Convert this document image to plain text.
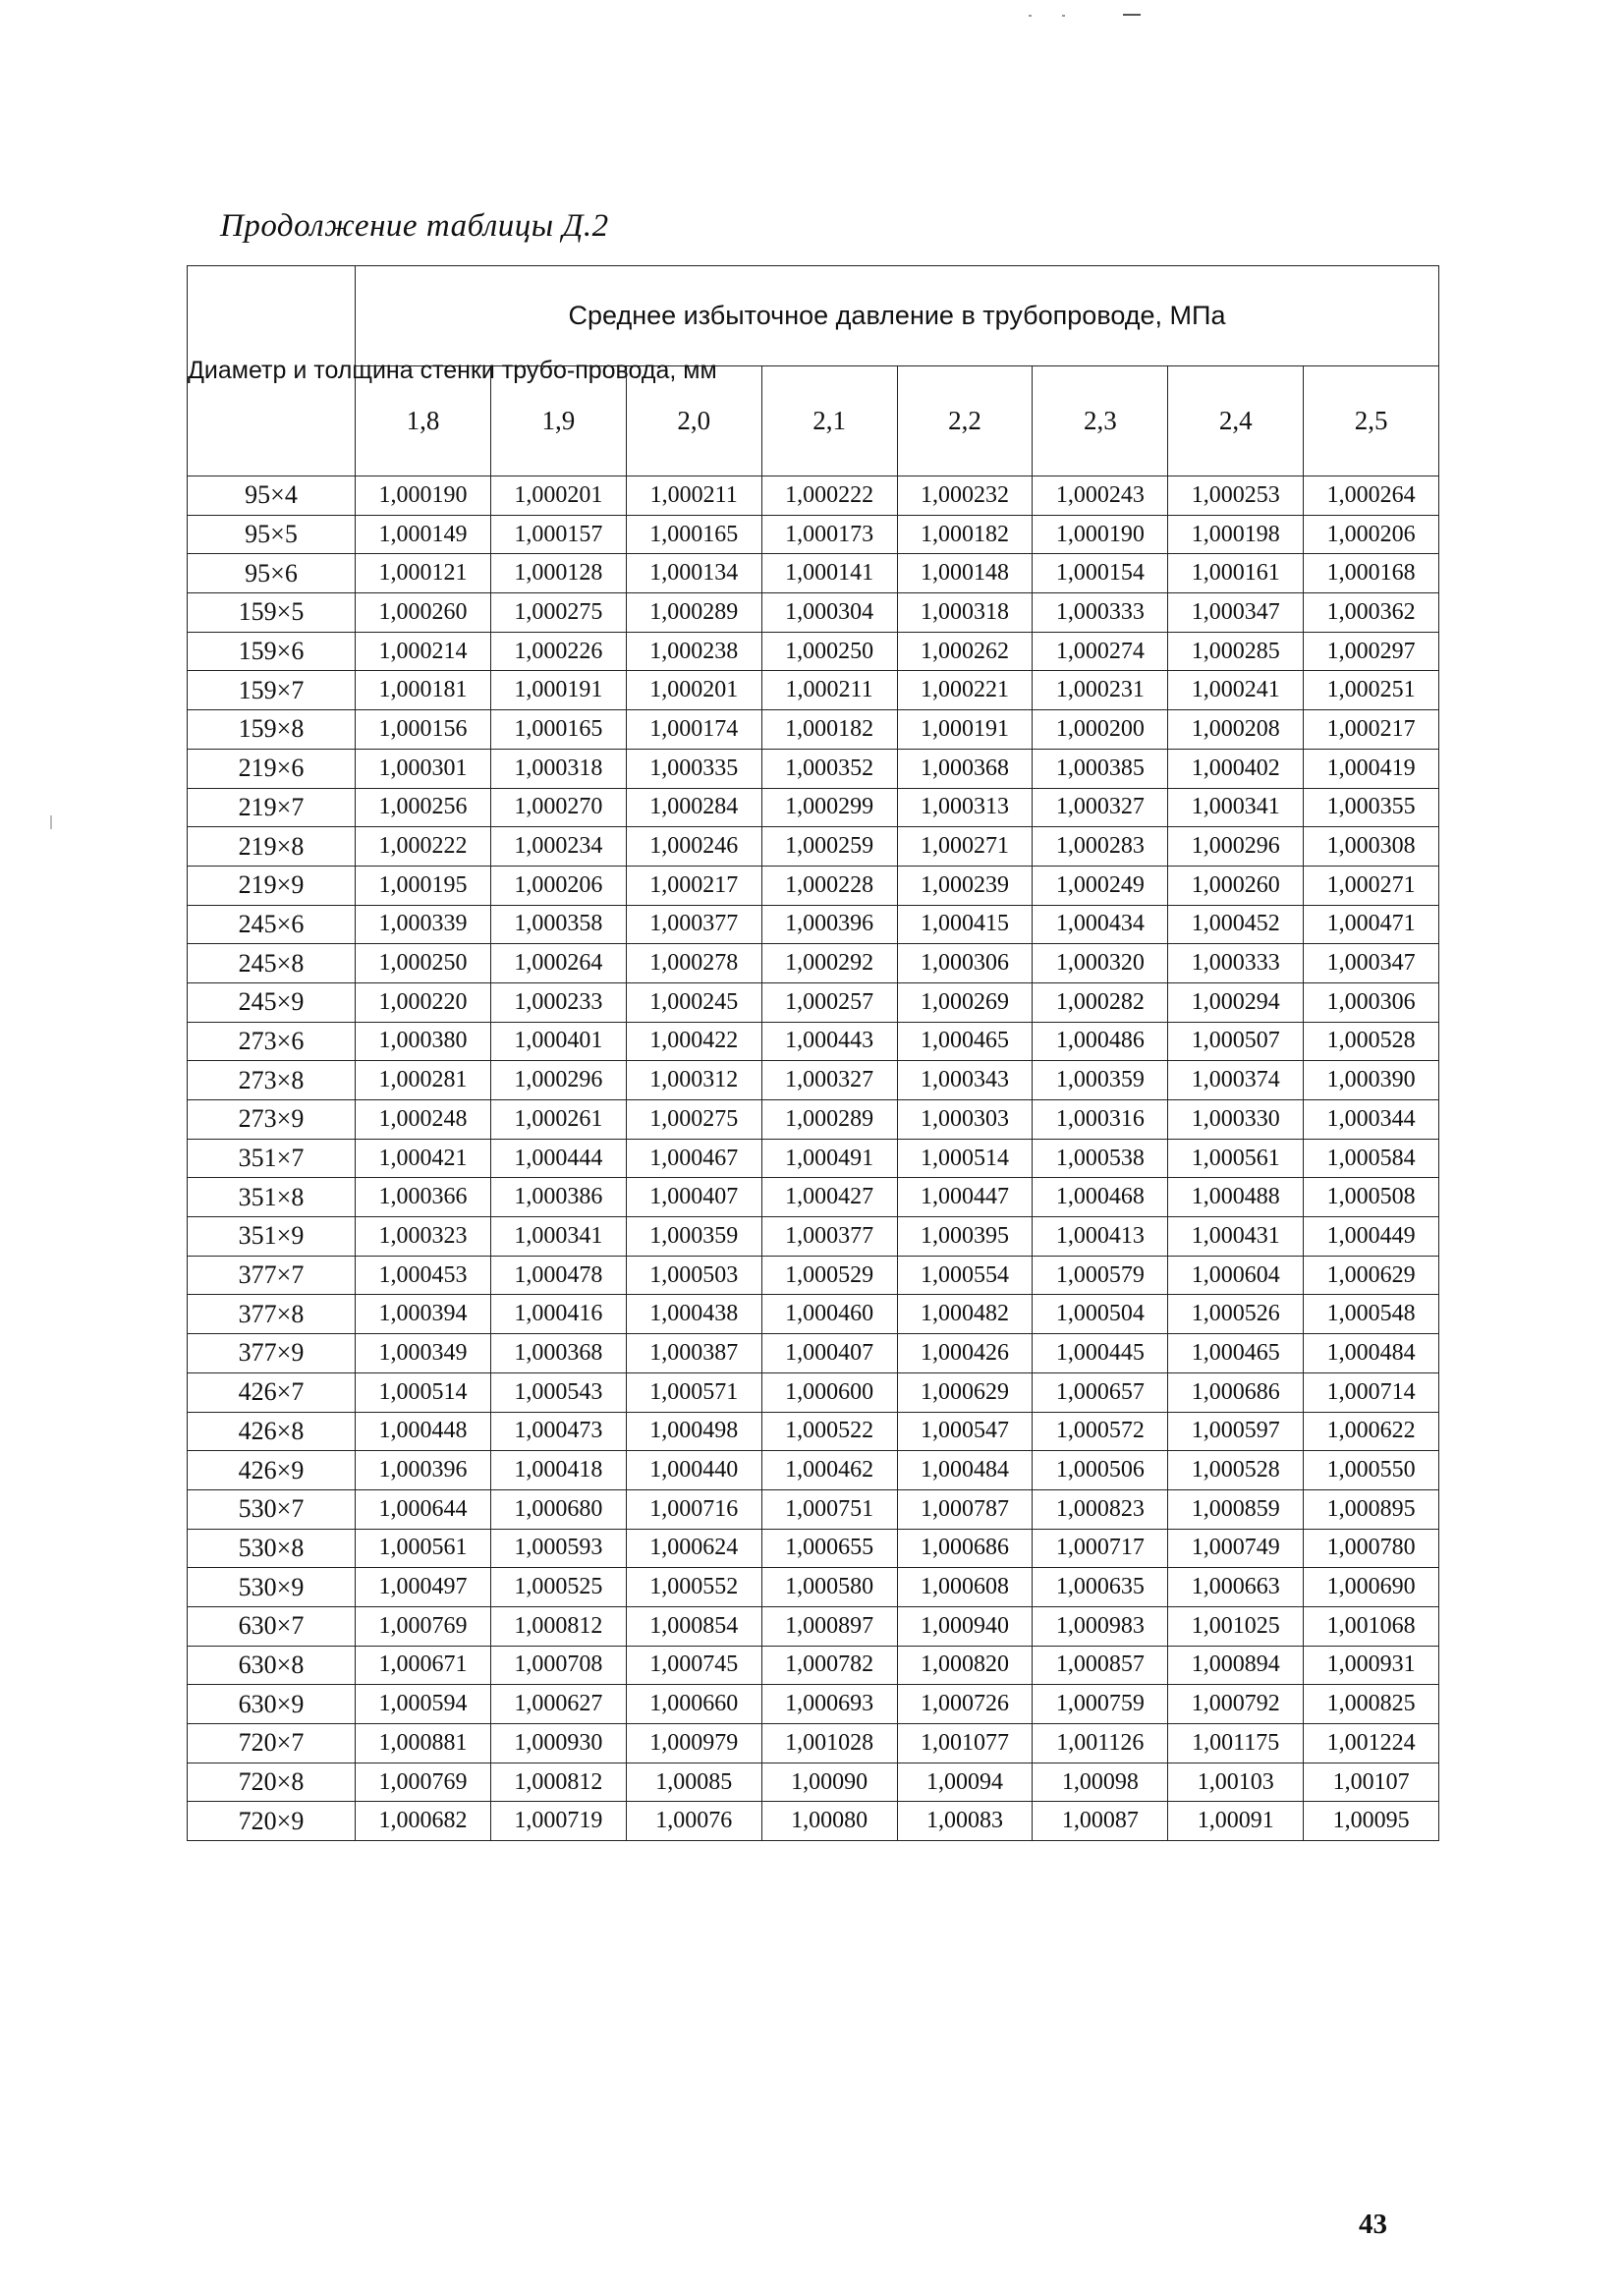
Продолжение таблицы Д.2
Диаметр и толщина стенки трубо-провода, мм	Среднее избыточное давление в трубопроводе, МПа							
	1,8	1,9	2,0	2,1	2,2	2,3	2,4	2,5
95×4	1,000190	1,000201	1,000211	1,000222	1,000232	1,000243	1,000253	1,000264
95×5	1,000149	1,000157	1,000165	1,000173	1,000182	1,000190	1,000198	1,000206
95×6	1,000121	1,000128	1,000134	1,000141	1,000148	1,000154	1,000161	1,000168
159×5	1,000260	1,000275	1,000289	1,000304	1,000318	1,000333	1,000347	1,000362
159×6	1,000214	1,000226	1,000238	1,000250	1,000262	1,000274	1,000285	1,000297
159×7	1,000181	1,000191	1,000201	1,000211	1,000221	1,000231	1,000241	1,000251
159×8	1,000156	1,000165	1,000174	1,000182	1,000191	1,000200	1,000208	1,000217
219×6	1,000301	1,000318	1,000335	1,000352	1,000368	1,000385	1,000402	1,000419
219×7	1,000256	1,000270	1,000284	1,000299	1,000313	1,000327	1,000341	1,000355
219×8	1,000222	1,000234	1,000246	1,000259	1,000271	1,000283	1,000296	1,000308
219×9	1,000195	1,000206	1,000217	1,000228	1,000239	1,000249	1,000260	1,000271
245×6	1,000339	1,000358	1,000377	1,000396	1,000415	1,000434	1,000452	1,000471
245×8	1,000250	1,000264	1,000278	1,000292	1,000306	1,000320	1,000333	1,000347
245×9	1,000220	1,000233	1,000245	1,000257	1,000269	1,000282	1,000294	1,000306
273×6	1,000380	1,000401	1,000422	1,000443	1,000465	1,000486	1,000507	1,000528
273×8	1,000281	1,000296	1,000312	1,000327	1,000343	1,000359	1,000374	1,000390
273×9	1,000248	1,000261	1,000275	1,000289	1,000303	1,000316	1,000330	1,000344
351×7	1,000421	1,000444	1,000467	1,000491	1,000514	1,000538	1,000561	1,000584
351×8	1,000366	1,000386	1,000407	1,000427	1,000447	1,000468	1,000488	1,000508
351×9	1,000323	1,000341	1,000359	1,000377	1,000395	1,000413	1,000431	1,000449
377×7	1,000453	1,000478	1,000503	1,000529	1,000554	1,000579	1,000604	1,000629
377×8	1,000394	1,000416	1,000438	1,000460	1,000482	1,000504	1,000526	1,000548
377×9	1,000349	1,000368	1,000387	1,000407	1,000426	1,000445	1,000465	1,000484
426×7	1,000514	1,000543	1,000571	1,000600	1,000629	1,000657	1,000686	1,000714
426×8	1,000448	1,000473	1,000498	1,000522	1,000547	1,000572	1,000597	1,000622
426×9	1,000396	1,000418	1,000440	1,000462	1,000484	1,000506	1,000528	1,000550
530×7	1,000644	1,000680	1,000716	1,000751	1,000787	1,000823	1,000859	1,000895
530×8	1,000561	1,000593	1,000624	1,000655	1,000686	1,000717	1,000749	1,000780
530×9	1,000497	1,000525	1,000552	1,000580	1,000608	1,000635	1,000663	1,000690
630×7	1,000769	1,000812	1,000854	1,000897	1,000940	1,000983	1,001025	1,001068
630×8	1,000671	1,000708	1,000745	1,000782	1,000820	1,000857	1,000894	1,000931
630×9	1,000594	1,000627	1,000660	1,000693	1,000726	1,000759	1,000792	1,000825
720×7	1,000881	1,000930	1,000979	1,001028	1,001077	1,001126	1,001175	1,001224
720×8	1,000769	1,000812	1,00085	1,00090	1,00094	1,00098	1,00103	1,00107
720×9	1,000682	1,000719	1,00076	1,00080	1,00083	1,00087	1,00091	1,00095
43
